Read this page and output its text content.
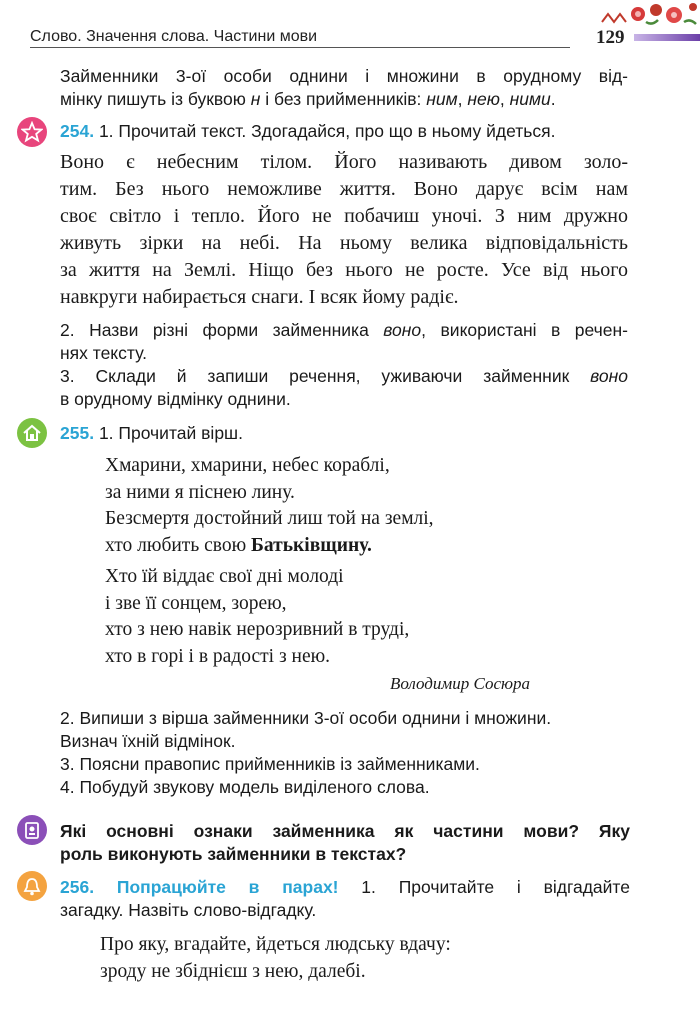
Слово. Значення слова. Частини мови	129
Займенники 3-ої особи однини і множини в орудному від-
мінку пишуть із буквою н і без прийменників: ним, нею, ними.
254. 1. Прочитай текст. Здогадайся, про що в ньому йдеться.
Воно є небесним тілом. Його називають дивом золо-
тим. Без нього неможливе життя. Воно дарує всім нам
своє світло і тепло. Його не побачиш уночі. З ним дружно
живуть зірки на небі. На ньому велика відповідальність
за життя на Землі. Ніщо без нього не росте. Усе від нього
навкруги набирається снаги. І всяк йому радіє.
2. Назви різні форми займенника воно, використані в речен-
нях тексту.
3. Склади й запиши речення, уживаючи займенник воно
в орудному відмінку однини.
255. 1. Прочитай вірш.
Хмарини, хмарини, небес кораблі,
за ними я піснею лину.
Безсмертя достойний лиш той на землі,
хто любить свою Батьківщину.
Хто їй віддає свої дні молоді
і зве її сонцем, зорею,
хто з нею навік нерозривний в труді,
хто в горі і в радості з нею.
Володимир Сосюра
2. Випиши з вірша займенники 3-ої особи однини і множини.
Визнач їхній відмінок.
3. Поясни правопис прийменників із займенниками.
4. Побудуй звукову модель виділеного слова.
Які основні ознаки займенника як частини мови? Яку
роль виконують займенники в текстах?
256. Попрацюйте в парах! 1. Прочитайте і відгадайте
загадку. Назвіть слово-відгадку.
Про яку, вгадайте, йдеться людську вдачу:
зроду не збіднієш з нею, далебі.
